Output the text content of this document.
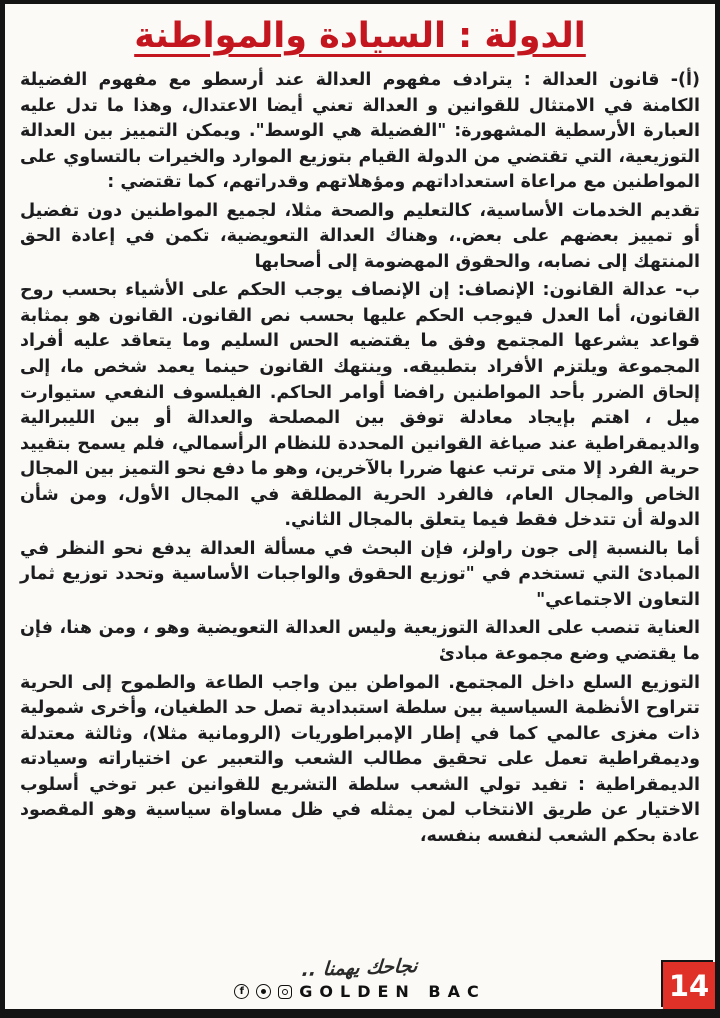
الدولة : السيادة والمواطنة

(أ)- قانون العدالة : يترادف مفهوم العدالة عند أرسطو مع مفهوم الفضيلة الكامنة في الامتثال للقوانين و العدالة تعني أيضا الاعتدال، وهذا ما تدل عليه العبارة الأرسطية المشهورة: "الفضيلة هي الوسط". ويمكن التمييز بين العدالة التوزيعية، التي تقتضي من الدولة القيام بتوزيع الموارد والخيرات بالتساوي على المواطنين مع مراعاة استعداداتهم ومؤهلاتهم وقدراتهم، كما تقتضي :

تقديم الخدمات الأساسية، كالتعليم والصحة مثلا، لجميع المواطنين دون تفضيل أو تمييز بعضهم على بعض.، وهناك العدالة التعويضية، تكمن في إعادة الحق المنتهك إلى نصابه، والحقوق المهضومة إلى أصحابها

ب- عدالة القانون: الإنصاف: إن الإنصاف يوجب الحكم على الأشياء بحسب روح القانون، أما العدل فيوجب الحكم عليها بحسب نص القانون. القانون هو بمثابة قواعد يشرعها المجتمع وفق ما يقتضيه الحس السليم وما يتعاقد عليه أفراد المجموعة ويلتزم الأفراد بتطبيقه. وينتهك القانون حينما يعمد شخص ما، إلى إلحاق الضرر بأحد المواطنين رافضا أوامر الحاكم. الفيلسوف النفعي ستيوارت ميل ، اهتم بإيجاد معادلة توفق بين المصلحة والعدالة أو بين الليبرالية والديمقراطية عند صياغة القوانين المحددة للنظام الرأسمالي، فلم يسمح بتقييد حرية الفرد إلا متى ترتب عنها ضررا بالآخرين، وهو ما دفع نحو التميز بين المجال الخاص والمجال العام، فالفرد الحرية المطلقة في المجال الأول، ومن شأن الدولة أن تتدخل فقط فيما يتعلق بالمجال الثاني.

أما بالنسبة إلى جون راولز، فإن البحث في مسألة العدالة يدفع نحو النظر في المبادئ التي تستخدم في "توزيع الحقوق والواجبات الأساسية وتحدد توزيع ثمار التعاون الاجتماعي"

العناية تنصب على العدالة التوزيعية وليس العدالة التعويضية وهو ، ومن هنا، فإن ما يقتضي وضع مجموعة مبادئ

التوزيع السلع داخل المجتمع. المواطن بين واجب الطاعة والطموح إلى الحرية تتراوح الأنظمة السياسية بين سلطة استبدادية تصل حد الطغيان، وأخرى شمولية ذات مغزى عالمي كما في إطار الإمبراطوريات (الرومانية مثلا)، وثالثة معتدلة وديمقراطية تعمل على تحقيق مطالب الشعب والتعبير عن اختياراته وسيادته الديمقراطية : تفيد تولي الشعب سلطة التشريع للقوانين عبر توخي أسلوب الاختيار عن طريق الانتخاب لمن يمثله في ظل مساواة سياسية وهو المقصود عادة بحكم الشعب لنفسه بنفسه،

نجاحك يهمنا ..
f	GOLDEN BAC	14
